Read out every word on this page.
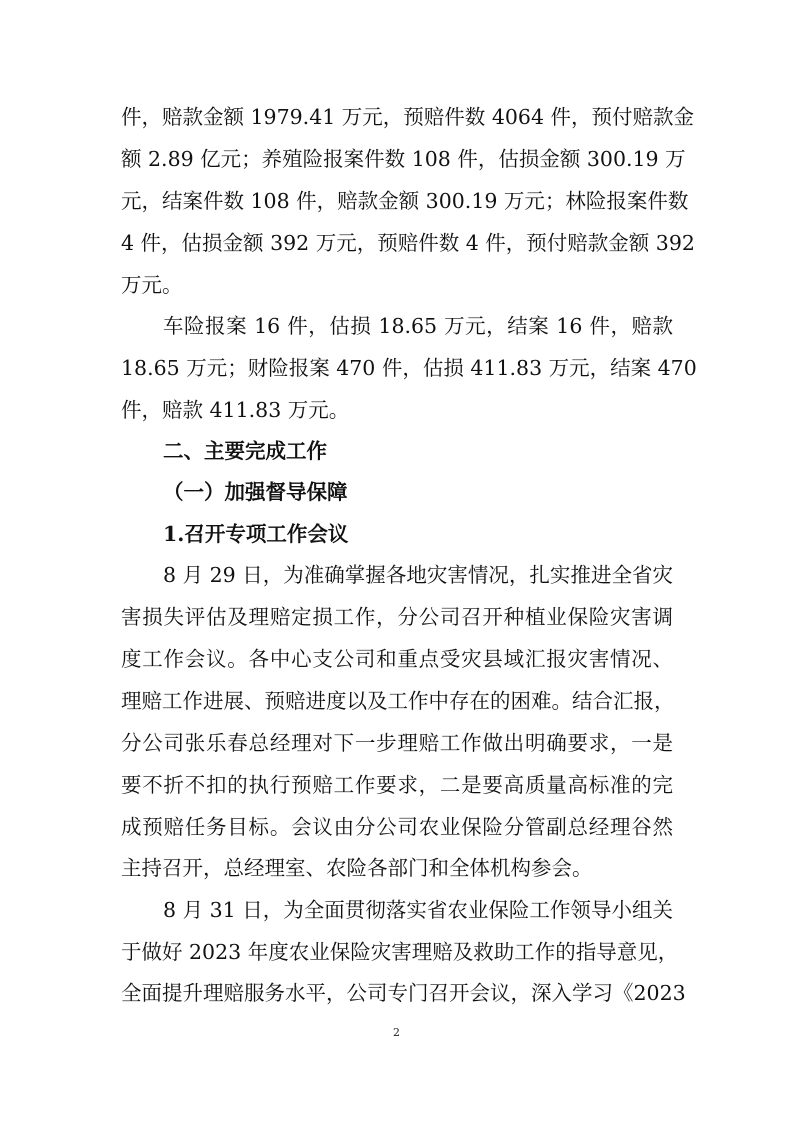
件，赔款金额 1979.41 万元，预赔件数 4064 件，预付赔款金
额 2.89 亿元；养殖险报案件数 108 件，估损金额 300.19 万
元，结案件数 108 件，赔款金额 300.19 万元；林险报案件数
4 件，估损金额 392 万元，预赔件数 4 件，预付赔款金额 392
万元。
车险报案 16 件，估损 18.65 万元，结案 16 件，赔款
18.65 万元；财险报案 470 件，估损 411.83 万元，结案 470
件，赔款 411.83 万元。
二、主要完成工作
（一）加强督导保障
1.召开专项工作会议
8 月 29 日，为准确掌握各地灾害情况，扎实推进全省灾
害损失评估及理赔定损工作，分公司召开种植业保险灾害调
度工作会议。各中心支公司和重点受灾县域汇报灾害情况、
理赔工作进展、预赔进度以及工作中存在的困难。结合汇报，
分公司张乐春总经理对下一步理赔工作做出明确要求，一是
要不折不扣的执行预赔工作要求，二是要高质量高标准的完
成预赔任务目标。会议由分公司农业保险分管副总经理谷然
主持召开，总经理室、农险各部门和全体机构参会。
8 月 31 日，为全面贯彻落实省农业保险工作领导小组关
于做好 2023 年度农业保险灾害理赔及救助工作的指导意见，
全面提升理赔服务水平，公司专门召开会议，深入学习《2023
2
